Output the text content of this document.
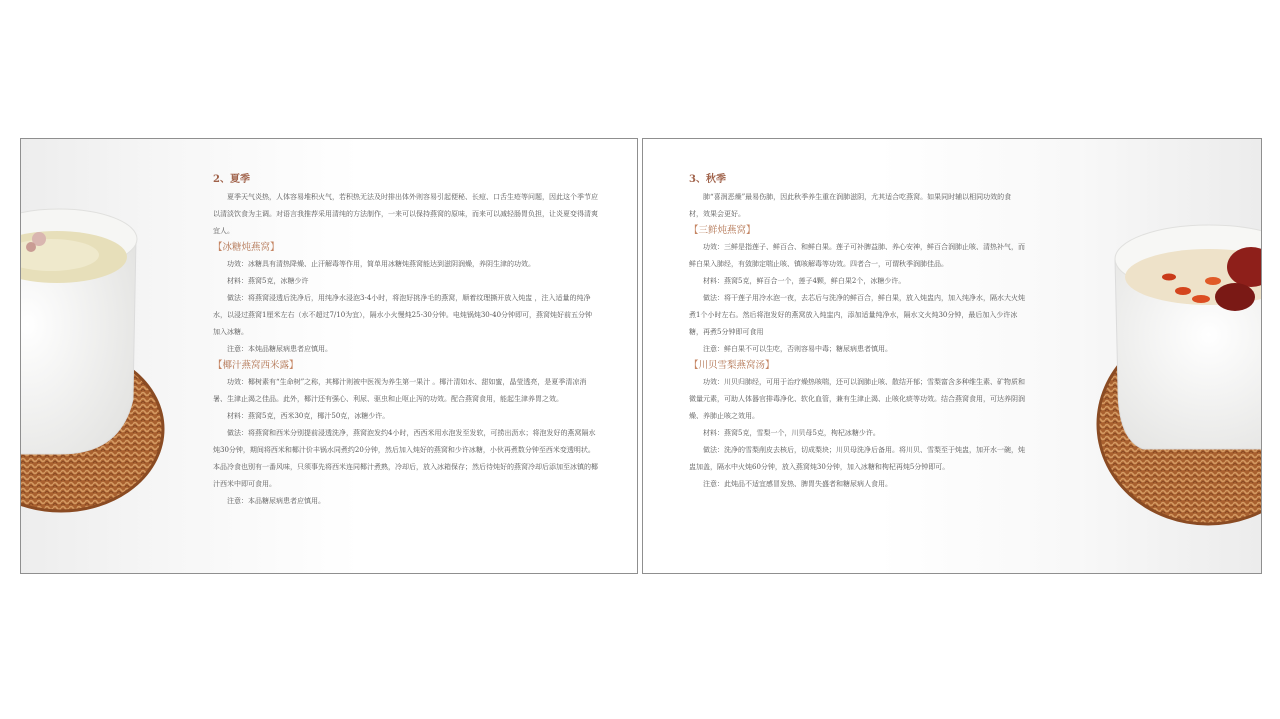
2、夏季
夏季天气炎热，人体容易堆积火气，若积热无法及时排出体外则容易引起便秘、长痘、口舌生疮等问题，因此这个季节应以清淡饮食为主调。对语言我推荐采用清纯的方法制作，一来可以保持燕窝的原味，而来可以减轻肠胃负担，让炎夏变得清爽宜人。
【冰糖炖燕窝】
功效：冰糖具有清热降燥、止汗解毒等作用，简单用冰糖炖燕窝能达到滋阴润燥，养阴生津的功效。
材料：燕窝5克，冰糖少许
做法：将燕窝浸透后洗净后，用纯净水浸泡3-4小时，将泡好挑净毛的燕窝，顺着纹理撕开放入炖盅 ，注入适量的纯净水，以浸过燕窝1厘米左右（水不超过7/10为宜），隔水小火慢炖25-30分钟。电炖锅炖30-40分钟即可，燕窝炖好前五分钟加入冰糖。
注意：本炖品糖尿病患者应慎用。
【椰汁燕窝西米露】
功效：椰树素有“生命树”之称，其椰汁则被中医视为养生第一果汁 。椰汁清如水、甜如蜜，晶莹透亮，是夏季清凉消暑、生津止渴之佳品。此外，椰汁还有强心、利尿、驱虫和止呕止泻的功效。配合燕窝食用，能起生津养胃之效。
材料：燕窝5克，西米30克，椰汁50克，冰糖少许。
做法：将燕窝和西米分别提前浸透洗净，燕窝泡发约4小时，西西米用水泡发至发软，可捞出沥水；将泡发好的燕窝隔水炖30分钟，期间将西米和椰汁价丰锅水同煮约20分钟，然后加入炖好的燕窝和少许冰糖，小伙再煮数分钟至西米变透明状。本品冷食也别有一番风味，只须事先将西米连同椰汁煮熟，冷却后，放入冰箱保存；然后待炖好的燕窝冷却后添加至冰镇的椰汁西米中即可食用。
注意：本品糖尿病患者应慎用。
3、秋季
肺“喜润恶燥”最易伤肺，因此秋季养生重在润肺滋阴，尤其适合吃燕窝。如果同时辅以相同功效的食材，效果会更好。
【三鲜炖燕窝】
功效：三鲜是指莲子、鲜百合、和鲜白果。莲子可补脾益肺、养心安神，鲜百合润肺止咳、清热补气，而鲜白果入肺经，有敛肺定喘止咳、镇咳解毒等功效。四者合一，可谓秋季润肺佳品。
材料：燕窝5克，鲜百合一个，莲子4颗，鲜白果2个，冰糖少许。
做法：将干莲子用冷水泡一夜，去芯后与洗净的鲜百合，鲜白果，放入炖盅内，加入纯净水，隔水大火炖煮1个小时左右。然后将泡发好的燕窝放入炖盅内，添加适量纯净水，隔水文火炖30分钟，最后加入少许冰糖，再煮5分钟即可食用
注意：鲜白果不可以生吃，否则容易中毒；糖尿病患者慎用。
【川贝雪梨燕窝汤】
功效：川贝归肺经，可用于治疗燥热咳喘，还可以润肺止咳、散结开郁；雪梨富含多种维生素、矿物质和微量元素，可助人体器官排毒净化、软化血管，兼有生津止渴、止咳化痰等功效。结合燕窝食用，可达养阴润燥、养肺止咳之效用。
材料：燕窝5克，雪梨一个，川贝母5克，枸杞冰糖少许。
做法：洗净的雪梨削皮去核后，切成梨块；川贝母洗净后备用。将川贝、雪梨至于炖盅，加开水一碗，炖盅加盖，隔水中火炖60分钟，放入燕窝炖30分钟，加入冰糖和枸杞再炖5分钟即可。
注意：此炖品不适宜感冒发热、脾胃失盛者和糖尿病人食用。
